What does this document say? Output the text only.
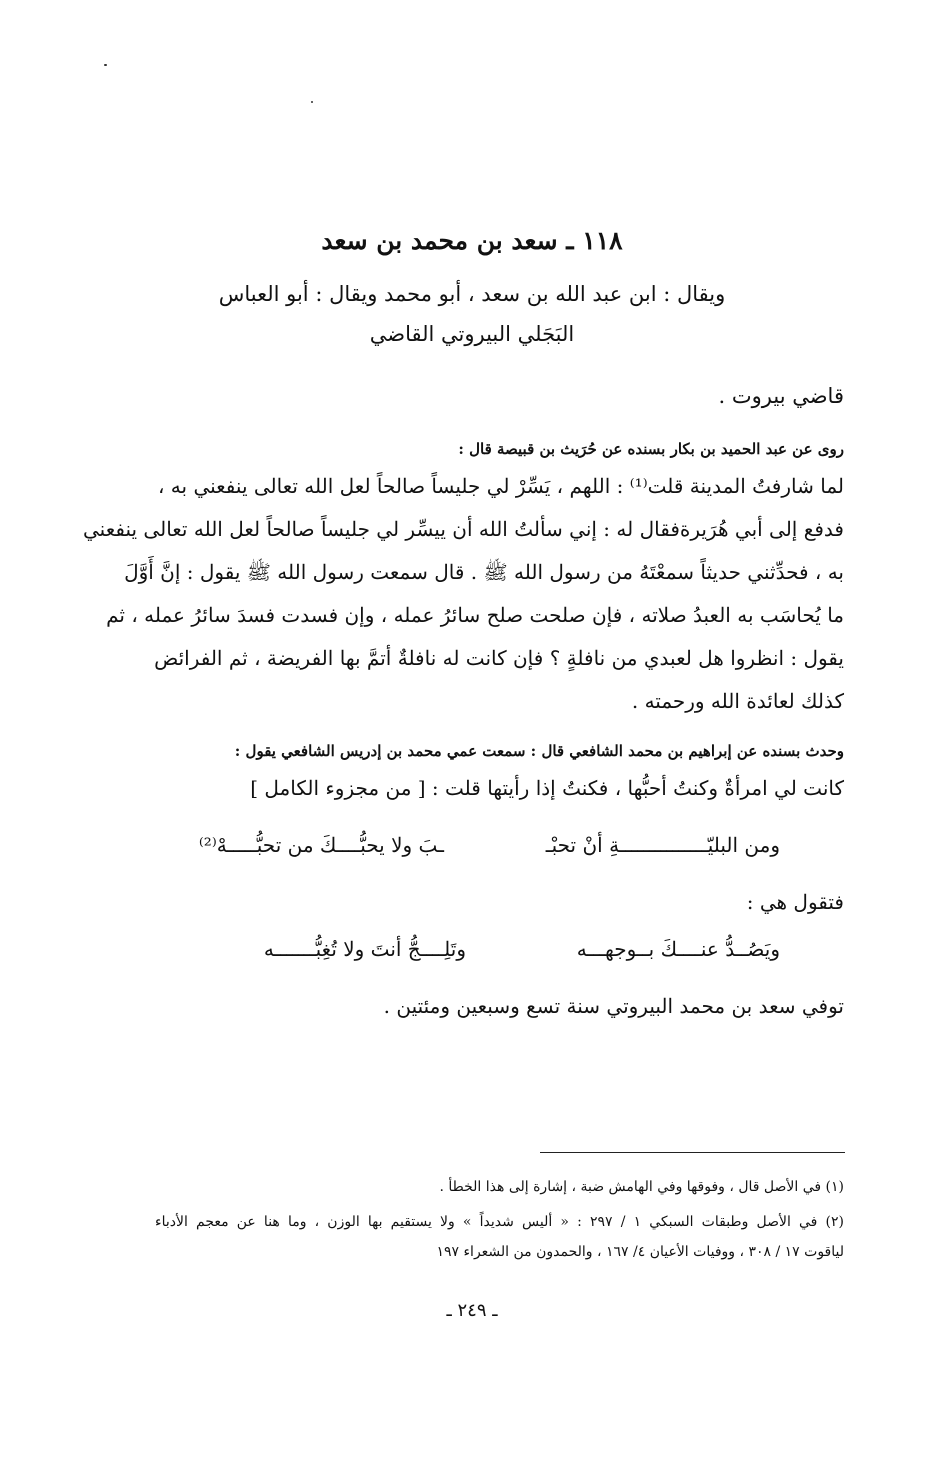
١١٨ ـ سعد بن محمد بن سعد
ويقال : ابن عبد الله بن سعد ، أبو محمد ويقال : أبو العباس
البَجَلي البيروتي القاضي
قاضي بيروت .
روى عن عبد الحميد بن بكار بسنده عن حُرَيث بن قبيصة قال :
لما شارفتُ المدينة قلت⁽¹⁾ : اللهم ، يَسِّرْ لي جليساً صالحاً لعل الله تعالى ينفعني به ،
فدفع إلى أبي هُرَيرةفقال له : إني سألتُ الله أن ييسِّر لي جليساً صالحاً لعل الله تعالى ينفعني
به ، فحدِّثني حديثاً سمعْتَهُ من رسول الله ﷺ . قال سمعت رسول الله ﷺ يقول : إنَّ أَوَّلَ
ما يُحاسَب به العبدُ صلاته ، فإن صلحت صلح سائرُ عمله ، وإن فسدت فسدَ سائرُ عمله ، ثم
يقول : انظروا هل لعبدي من نافلةٍ ؟ فإن كانت له نافلةٌ أتمَّ بها الفريضة ، ثم الفرائض
كذلك لعائدة الله ورحمته .
وحدث بسنده عن إبراهيم بن محمد الشافعي قال : سمعت عمي محمد بن إدريس الشافعي يقول :
كانت لي امرأةٌ وكنتُ أحبُّها ، فكنتُ إذا رأيتها قلت : [ من مجزوء الكامل ]
ومن البليّـــــــــــــــةِ أنْ تحبْـ
ـبَ ولا يحبُّــــكَ من تحبُّـــــهْ⁽²⁾
فتقول هي :
ويَصُــدُّ عنــــكَ بــوجهـــه
وتَلِــــجُّ أنتَ ولا تُغِبُّـــــــه
توفي سعد بن محمد البيروتي سنة تسع وسبعين ومئتين .
(١) في الأصل قال ، وفوقها وفي الهامش ضبة ، إشارة إلى هذا الخطأ .
(٢) في الأصل وطبقات السبكي ١ / ٢٩٧ : « أليس شديداً » ولا يستقيم بها الوزن ، وما هنا عن معجم الأدباء
لياقوت ١٧ / ٣٠٨ ، ووفيات الأعيان ٤/ ١٦٧ ، والحمدون من الشعراء ١٩٧
ـ ٢٤٩ ـ
